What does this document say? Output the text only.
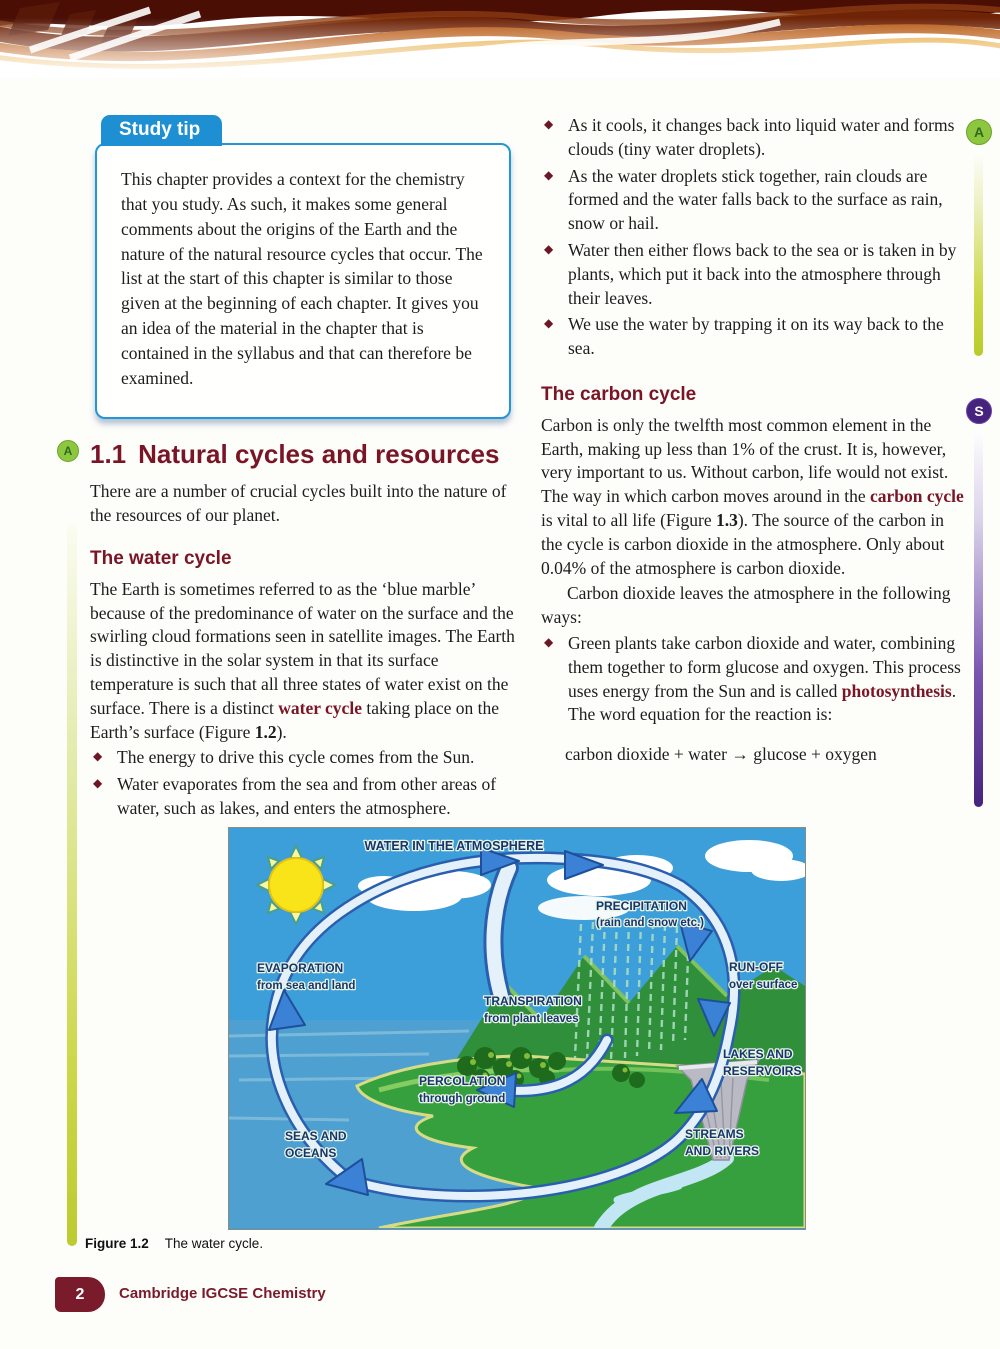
A
S
Study tip
This chapter provides a context for the chemistry that you study. As such, it makes some general comments about the origins of the Earth and the nature of the natural resource cycles that occur. The list at the start of this chapter is similar to those given at the beginning of each chapter. It gives you an idea of the material in the chapter that is contained in the syllabus and that can therefore be examined.
A 1.1 Natural cycles and resources

There are a number of crucial cycles built into the nature of the resources of our planet.

The water cycle

The Earth is sometimes referred to as the ‘blue marble’ because of the predominance of water on the surface and the swirling cloud formations seen in satellite images. The Earth is distinctive in the solar system in that its surface temperature is such that all three states of water exist on the surface. There is a distinct water cycle taking place on the Earth’s surface (Figure 1.2).

◆ The energy to drive this cycle comes from the Sun.
◆ Water evaporates from the sea and from other areas of water, such as lakes, and enters the atmosphere.
◆ As it cools, it changes back into liquid water and forms clouds (tiny water droplets).
◆ As the water droplets stick together, rain clouds are formed and the water falls back to the surface as rain, snow or hail.
◆ Water then either flows back to the sea or is taken in by plants, which put it back into the atmosphere through their leaves.
◆ We use the water by trapping it on its way back to the sea.
The carbon cycle

Carbon is only the twelfth most common element in the Earth, making up less than 1% of the crust. It is, however, very important to us. Without carbon, life would not exist. The way in which carbon moves around in the carbon cycle is vital to all life (Figure 1.3). The source of the carbon in the cycle is carbon dioxide in the atmosphere. Only about 0.04% of the atmosphere is carbon dioxide.

Carbon dioxide leaves the atmosphere in the following ways:

◆ Green plants take carbon dioxide and water, combining them together to form glucose and oxygen. This process uses energy from the Sun and is called photosynthesis. The word equation for the reaction is:

carbon dioxide + water → glucose + oxygen

WATER IN THE ATMOSPHERE
PRECIPITATION
(rain and snow etc.)
EVAPORATION
from sea and land
TRANSPIRATION
from plant leaves
RUN-OFF
over surface
PERCOLATION
through ground
LAKES AND
RESERVOIRS
SEAS AND
OCEANS
STREAMS
AND RIVERS
Figure 1.2 The water cycle.
2	Cambridge IGCSE Chemistry
